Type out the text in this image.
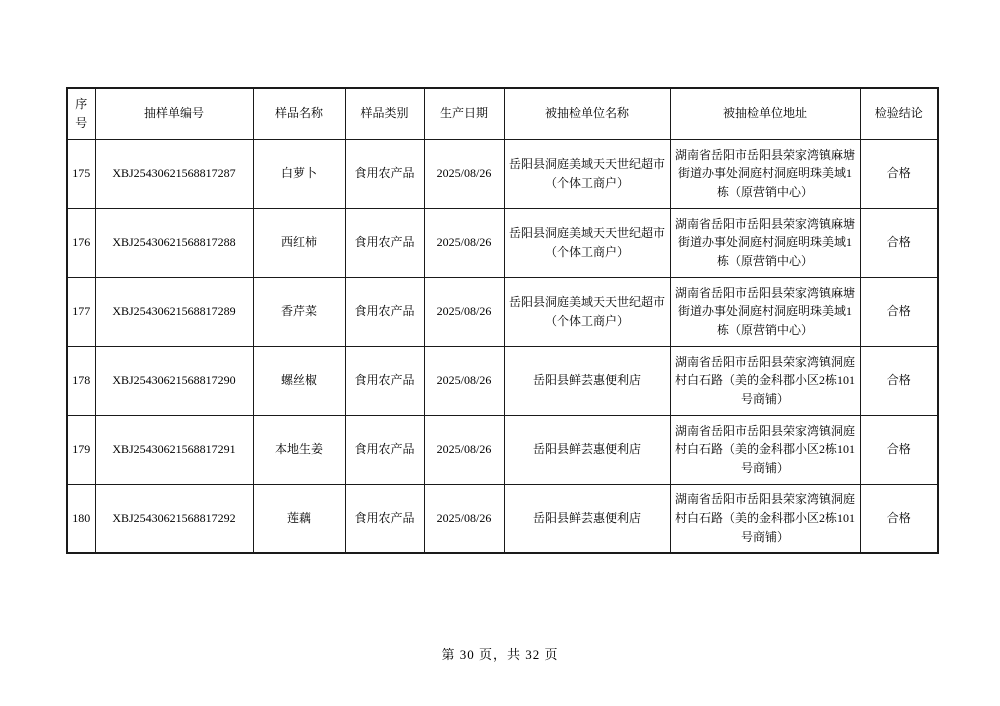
序号	抽样单编号	样品名称	样品类别	生产日期	被抽检单位名称	被抽检单位地址	检验结论
175	XBJ25430621568817287	白萝卜	食用农产品	2025/08/26	岳阳县洞庭美域天天世纪超市（个体工商户）	湖南省岳阳市岳阳县荣家湾镇麻塘街道办事处洞庭村洞庭明珠美域1栋（原营销中心）	合格
176	XBJ25430621568817288	西红柿	食用农产品	2025/08/26	岳阳县洞庭美域天天世纪超市（个体工商户）	湖南省岳阳市岳阳县荣家湾镇麻塘街道办事处洞庭村洞庭明珠美域1栋（原营销中心）	合格
177	XBJ25430621568817289	香芹菜	食用农产品	2025/08/26	岳阳县洞庭美域天天世纪超市（个体工商户）	湖南省岳阳市岳阳县荣家湾镇麻塘街道办事处洞庭村洞庭明珠美域1栋（原营销中心）	合格
178	XBJ25430621568817290	螺丝椒	食用农产品	2025/08/26	岳阳县鲜芸惠便利店	湖南省岳阳市岳阳县荣家湾镇洞庭村白石路（美的金科郡小区2栋101号商铺）	合格
179	XBJ25430621568817291	本地生姜	食用农产品	2025/08/26	岳阳县鲜芸惠便利店	湖南省岳阳市岳阳县荣家湾镇洞庭村白石路（美的金科郡小区2栋101号商铺）	合格
180	XBJ25430621568817292	莲藕	食用农产品	2025/08/26	岳阳县鲜芸惠便利店	湖南省岳阳市岳阳县荣家湾镇洞庭村白石路（美的金科郡小区2栋101号商铺）	合格
第 30 页，共 32 页
